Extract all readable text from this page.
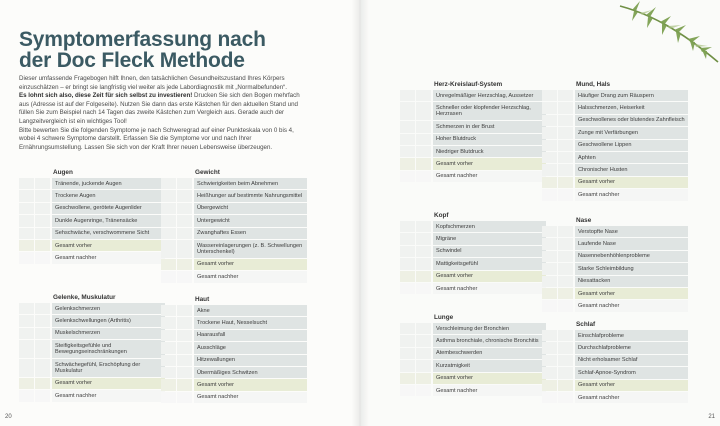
Symptomerfassung nach
der Doc Fleck Methode

Dieser umfassende Fragebogen hilft Ihnen, den tatsächlichen Gesundheitszustand Ihres Körpers einzuschätzen – er bringt sie langfristig viel weiter als jede Labordiagnostik mit „Normalbefunden“.
Es lohnt sich also, diese Zeit für sich selbst zu investieren! Drucken Sie sich den Bogen mehrfach aus (Adresse ist auf der Folgeseite). Nutzen Sie dann das erste Kästchen für den aktuellen Stand und füllen Sie zum Beispiel nach 14 Tagen das zweite Kästchen zum Vergleich aus. Gerade auch der Langzeitvergleich ist ein wichtiges Tool!
Bitte bewerten Sie die folgenden Symptome je nach Schweregrad auf einer Punkteskala von 0 bis 4, wobei 4 schwere Symptome darstellt. Erfassen Sie die Symptome vor und nach Ihrer Ernährungsumstellung. Lassen Sie sich von der Kraft Ihrer neuen Lebensweise überzeugen.

Augen
Tränende, juckende Augen
Trockene Augen
Geschwollene, gerötete Augenlider
Dunkle Augenringe, Tränensäcke
Sehschwäche, verschwommene Sicht
Gesamt vorher
Gesamt nachher
Gewicht
Schwierigkeiten beim Abnehmen
Heißhunger auf bestimmte Nahrungsmittel
Übergewicht
Untergewicht
Zwanghaftes Essen
Wassereinlagerungen (z. B. Schwellungen Unterschenkel)
Gesamt vorher
Gesamt nachher
Gelenke, Muskulatur
Gelenkschmerzen
Gelenkschwellungen (Arthritis)
Muskelschmerzen
Steifigkeitsgefühle und Bewegungseinschränkungen
Schwächegefühl, Erschöpfung der Muskulatur
Gesamt vorher
Gesamt nachher
Haut
Akne
Trockene Haut, Nesselsucht
Haarausfall
Ausschläge
Hitzewallungen
Übermäßiges Schwitzen
Gesamt vorher
Gesamt nachher
Herz-Kreislauf-System
Unregelmäßiger Herzschlag, Aussetzer
Schneller oder klopfender Herzschlag, Herzrasen
Schmerzen in der Brust
Hoher Blutdruck
Niedriger Blutdruck
Gesamt vorher
Gesamt nachher
Mund, Hals
Häufiger Drang zum Räuspern
Halsschmerzen, Heiserkeit
Geschwollenes oder blutendes Zahnfleisch
Zunge mit Verfärbungen
Geschwollene Lippen
Aphten
Chronischer Husten
Gesamt vorher
Gesamt nachher
Kopf
Kopfschmerzen
Migräne
Schwindel
Mattigkeitsgefühl
Gesamt vorher
Gesamt nachher
Nase
Verstopfte Nase
Laufende Nase
Nasennebenhöhlenprobleme
Starke Schleimbildung
Niesattacken
Gesamt vorher
Gesamt nachher
Lunge
Verschleimung der Bronchien
Asthma bronchiale, chronische Bronchitis
Atembeschwerden
Kurzatmigkeit
Gesamt vorher
Gesamt nachher
Schlaf
Einschlafprobleme
Durchschlafprobleme
Nicht erholsamer Schlaf
Schlaf-Apnoe-Syndrom
Gesamt vorher
Gesamt nachher
20	21
